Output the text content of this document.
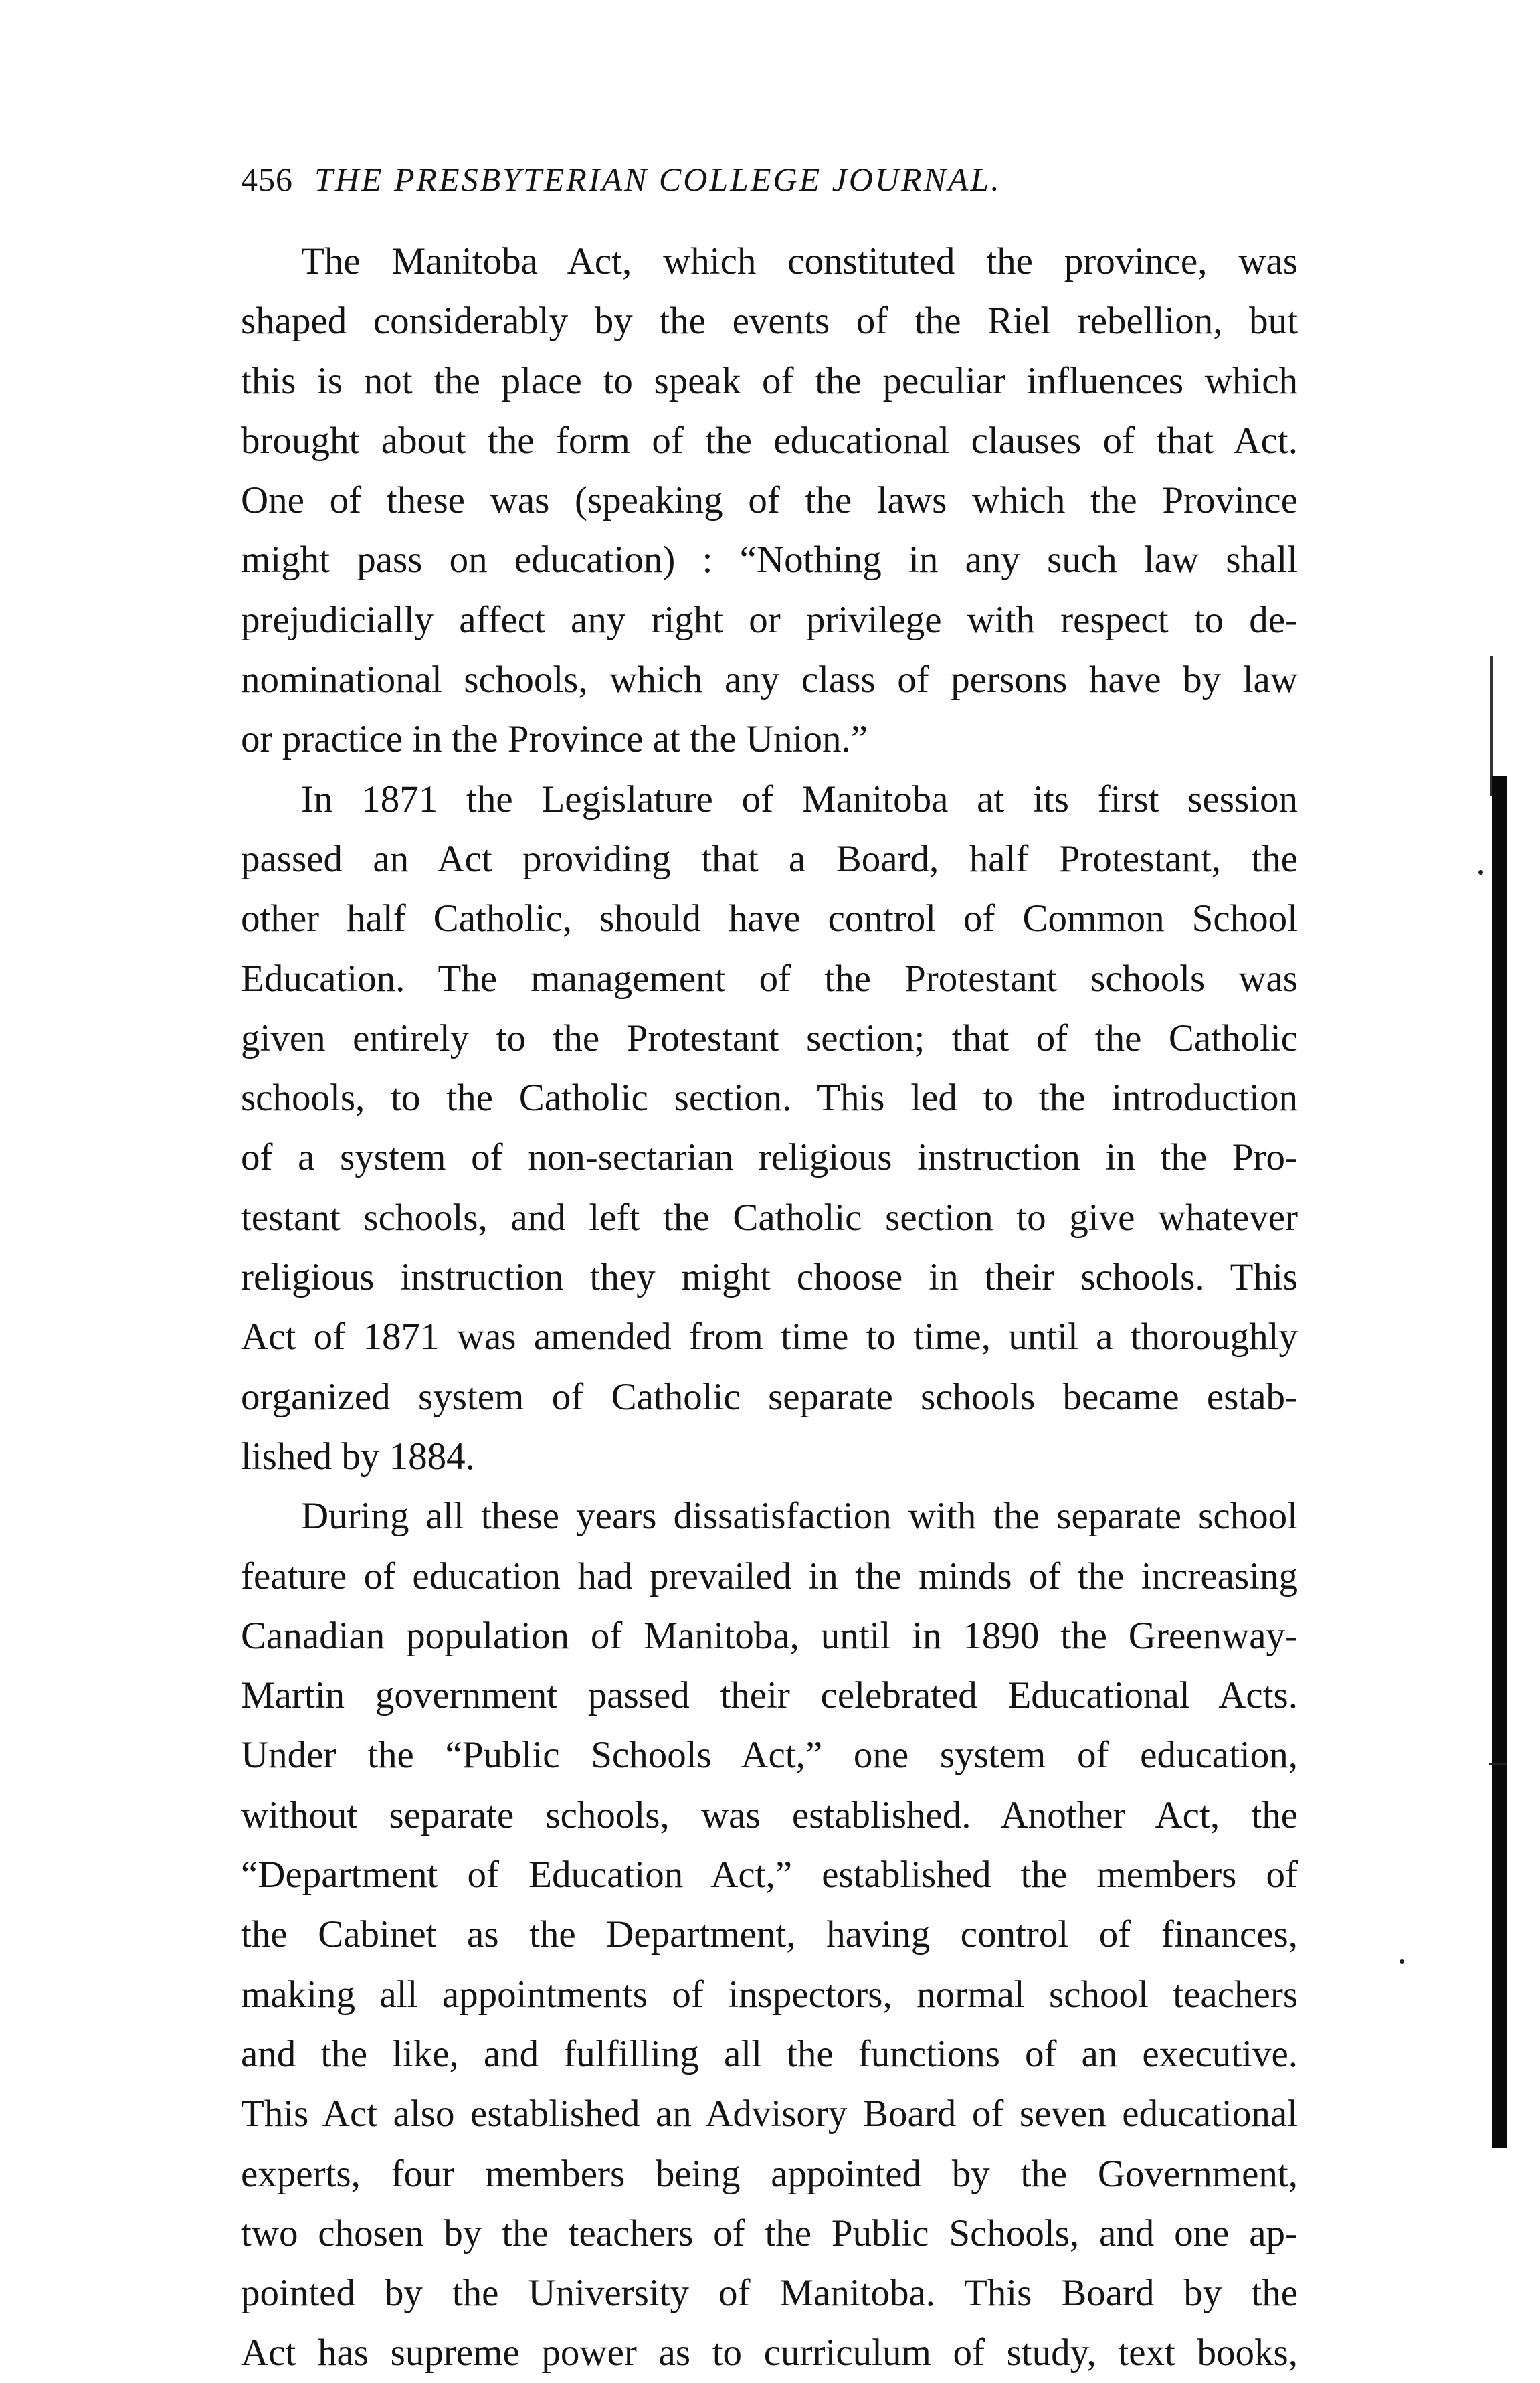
456 THE PRESBYTERIAN COLLEGE JOURNAL.
The Manitoba Act, which constituted the province, was
shaped considerably by the events of the Riel rebellion, but
this is not the place to speak of the peculiar influences which
brought about the form of the educational clauses of that Act.
One of these was (speaking of the laws which the Province
might pass on education) : “Nothing in any such law shall
prejudicially affect any right or privilege with respect to de-
nominational schools, which any class of persons have by law
or practice in the Province at the Union.”
In 1871 the Legislature of Manitoba at its first session
passed an Act providing that a Board, half Protestant, the
other half Catholic, should have control of Common School
Education. The management of the Protestant schools was
given entirely to the Protestant section; that of the Catholic
schools, to the Catholic section. This led to the introduction
of a system of non-sectarian religious instruction in the Pro-
testant schools, and left the Catholic section to give whatever
religious instruction they might choose in their schools. This
Act of 1871 was amended from time to time, until a thoroughly
organized system of Catholic separate schools became estab-
lished by 1884.
During all these years dissatisfaction with the separate school
feature of education had prevailed in the minds of the increasing
Canadian population of Manitoba, until in 1890 the Greenway-
Martin government passed their celebrated Educational Acts.
Under the “Public Schools Act,” one system of education,
without separate schools, was established. Another Act, the
“Department of Education Act,” established the members of
the Cabinet as the Department, having control of finances,
making all appointments of inspectors, normal school teachers
and the like, and fulfilling all the functions of an executive.
This Act also established an Advisory Board of seven educational
experts, four members being appointed by the Government,
two chosen by the teachers of the Public Schools, and one ap-
pointed by the University of Manitoba. This Board by the
Act has supreme power as to curriculum of study, text books,
